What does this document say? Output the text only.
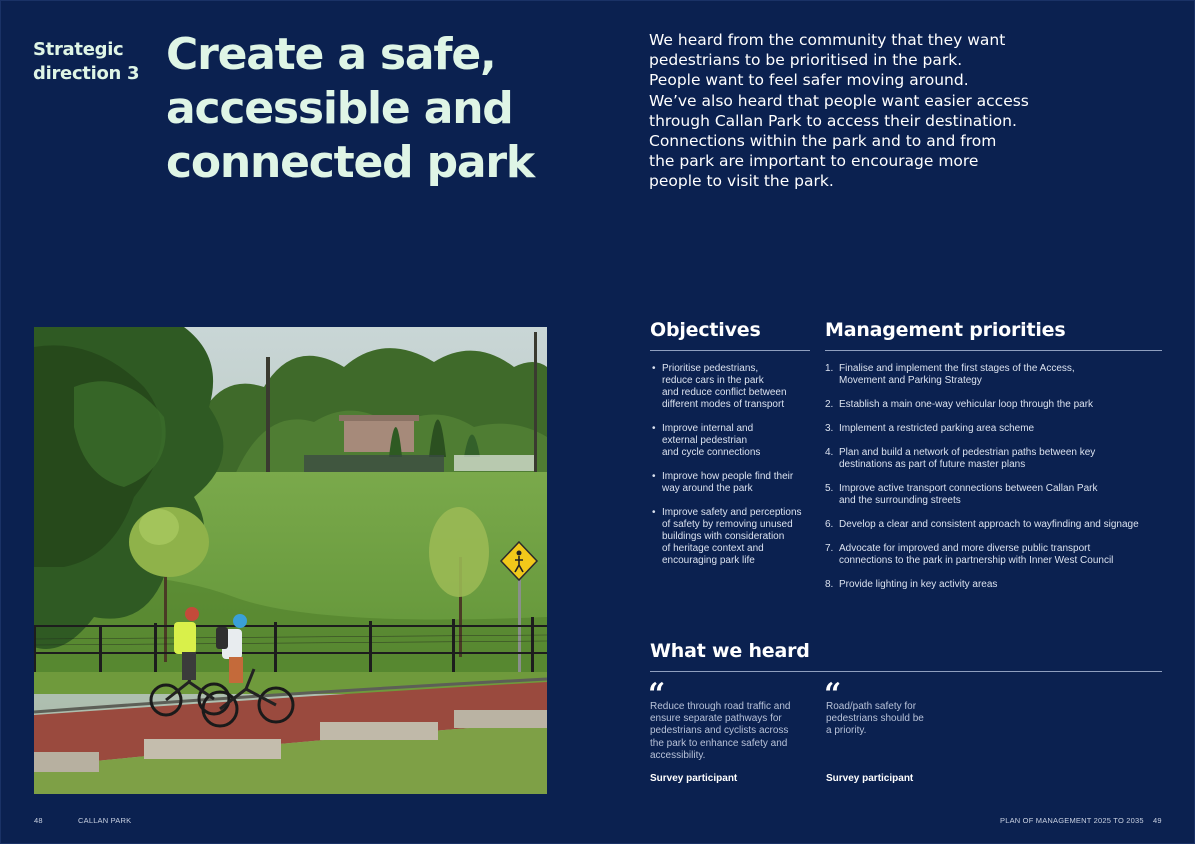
Strategic
direction 3 Create a safe,
accessible and
connected park
We heard from the community that they want
pedestrians to be prioritised in the park.
People want to feel safer moving around.
We’ve also heard that people want easier access
through Callan Park to access their destination.
Connections within the park and to and from
the park are important to encourage more
people to visit the park.
Objectives
• Prioritise pedestrians,
reduce cars in the park
and reduce conflict between
different modes of transport
• Improve internal and
external pedestrian
and cycle connections
• Improve how people find their
way around the park
• Improve safety and perceptions
of safety by removing unused
buildings with consideration
of heritage context and
encouraging park life
Management priorities
1. Finalise and implement the first stages of the Access,
Movement and Parking Strategy
2. Establish a main one-way vehicular loop through the park
3. Implement a restricted parking area scheme
4. Plan and build a network of pedestrian paths between key
destinations as part of future master plans
5. Improve active transport connections between Callan Park
and the surrounding streets
6. Develop a clear and consistent approach to wayfinding and signage
7. Advocate for improved and more diverse public transport
connections to the park in partnership with Inner West Council
8. Provide lighting in key activity areas
What we heard
“
Reduce through road traffic and
ensure separate pathways for
pedestrians and cyclists across
the park to enhance safety and
accessibility.
Survey participant
“
Road/path safety for
pedestrians should be
a priority.
Survey participant
48	CALLAN PARK	PLAN OF MANAGEMENT 2025 TO 2035 49
